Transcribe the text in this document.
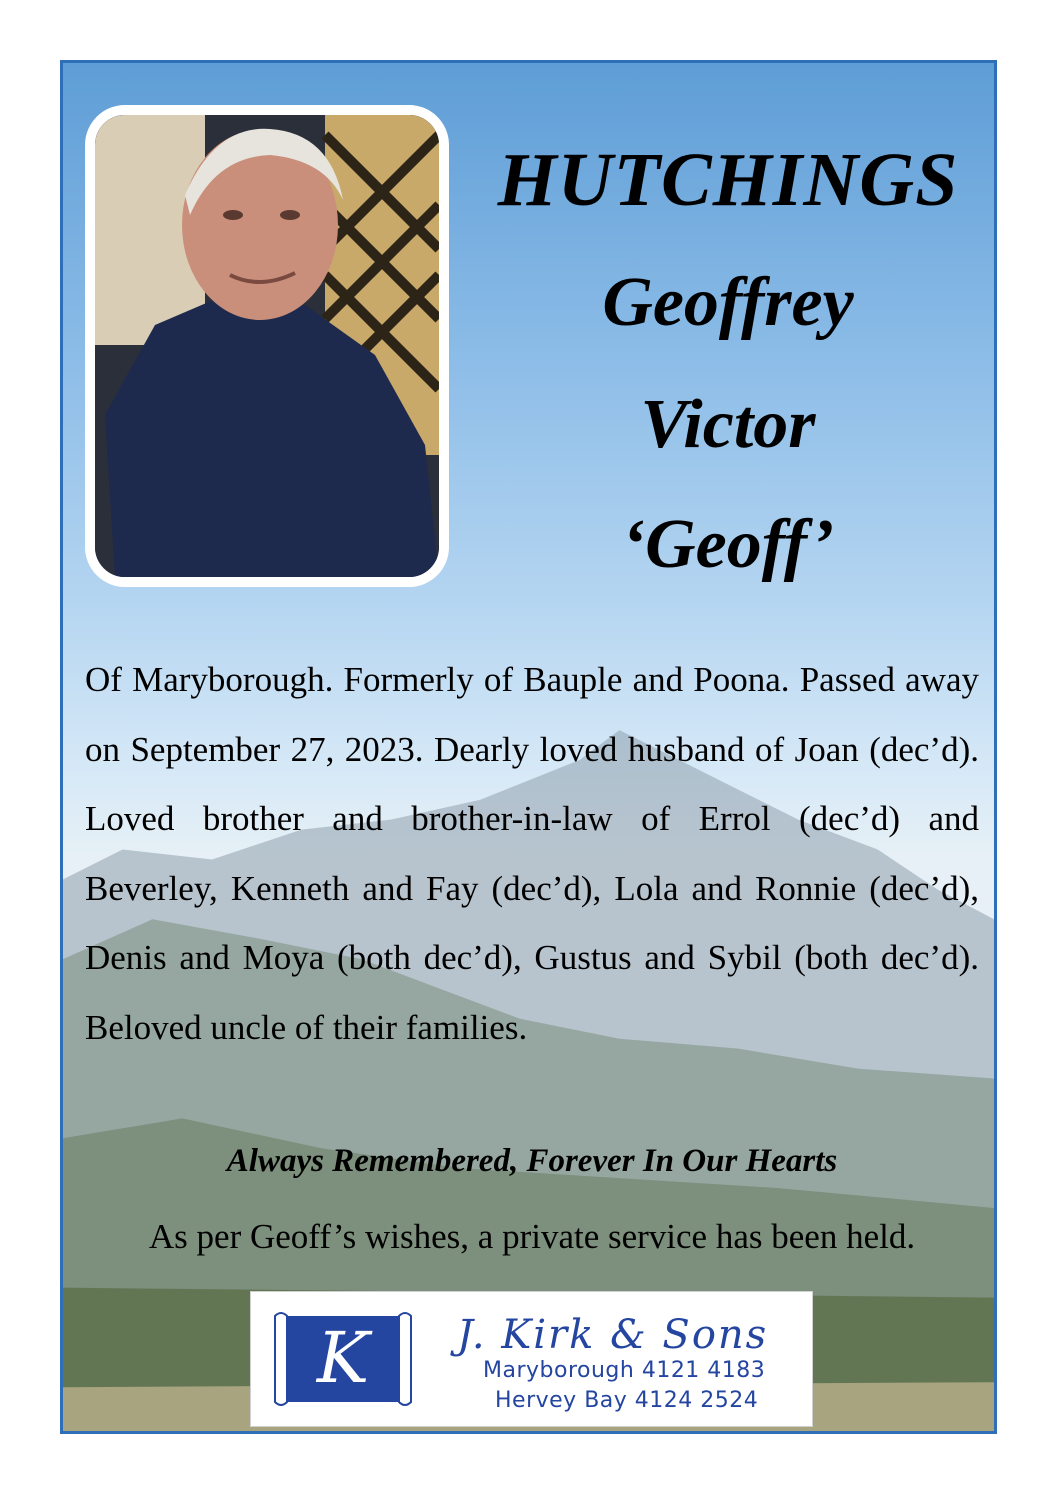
HUTCHINGS
Geoffrey
Victor
‘Geoff’

Of Maryborough. Formerly of Bauple and Poona. Passed away on September 27, 2023. Dearly loved husband of Joan (dec’d). Loved brother and brother-in-law of Errol (dec’d) and Beverley, Kenneth and Fay (dec’d), Lola and Ronnie (dec’d), Denis and Moya (both dec’d), Gustus and Sybil (both dec’d). Beloved uncle of their families.

Always Remembered, Forever In Our Hearts

As per Geoff’s wishes, a private service has been held.

K J. Kirk & Sons
Maryborough 4121 4183
Hervey Bay 4124 2524
